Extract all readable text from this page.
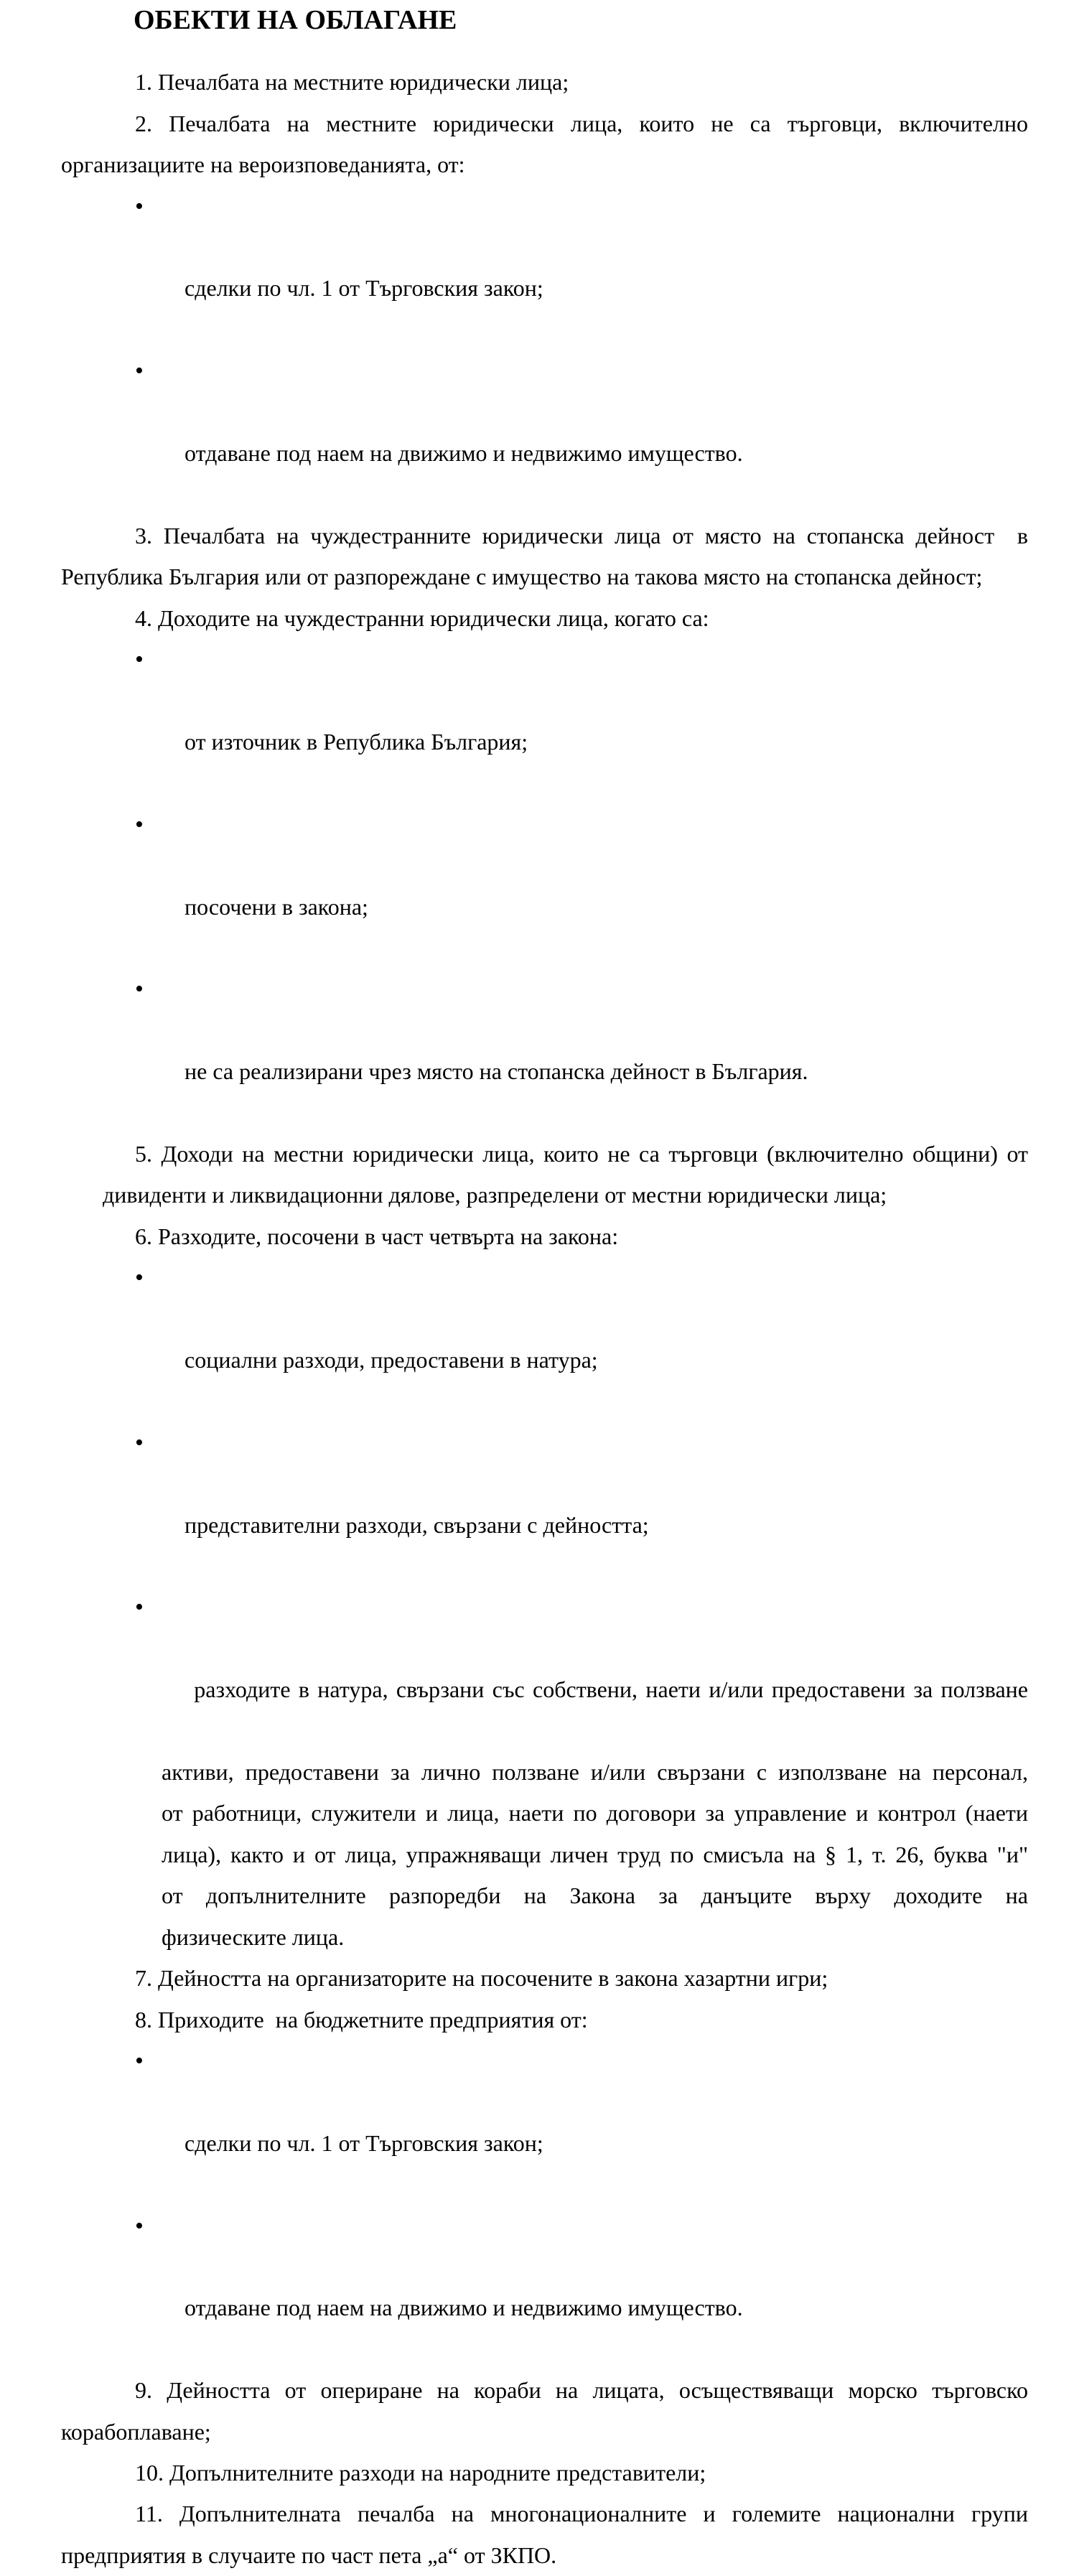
ОБЕКТИ НА ОБЛАГАНЕ
1. Печалбата на местните юридически лица;
2. Печалбата на местните юридически лица, които не са търговци, включително
организациите на вероизповеданията, от:

•

сделки по чл. 1 от Търговския закон;

•

отдаване под наем на движимо и недвижимо имущество.

3. Печалбата на чуждестранните юридически лица от място на стопанска дейност  в
Република България или от разпореждане с имущество на такова място на стопанска дейност;
4. Доходите на чуждестранни юридически лица, когато са:

•

от източник в Република България;

•

посочени в закона;

•

не са реализирани чрез място на стопанска дейност в България.

5. Доходи на местни юридически лица, които не са търговци (включително общини) от
дивиденти и ликвидационни дялове, разпределени от местни юридически лица;
6. Разходите, посочени в част четвърта на закона:

•

социални разходи, предоставени в натура;

•

представителни разходи, свързани с дейността;

•

разходите в натура, свързани със собствени, наети и/или предоставени за ползване

активи, предоставени за лично ползване и/или свързани с използване на персонал,
от работници, служители и лица, наети по договори за управление и контрол (наети
лица), както и от лица, упражняващи личен труд по смисъла на § 1, т. 26, буква "и"
от допълнителните разпоредби на Закона за данъците върху доходите на
физическите лица.
7. Дейността на организаторите на посочените в закона хазартни игри;
8. Приходите  на бюджетните предприятия от:

•

сделки по чл. 1 от Търговския закон;

•

отдаване под наем на движимо и недвижимо имущество.

9. Дейността от опериране на кораби на лицата, осъществяващи морско търговско
корабоплаване;
10. Допълнителните разходи на народните представители;
11. Допълнителната печалба на многонационалните и големите национални групи
предприятия в случаите по част пета „а“ от ЗКПО.
